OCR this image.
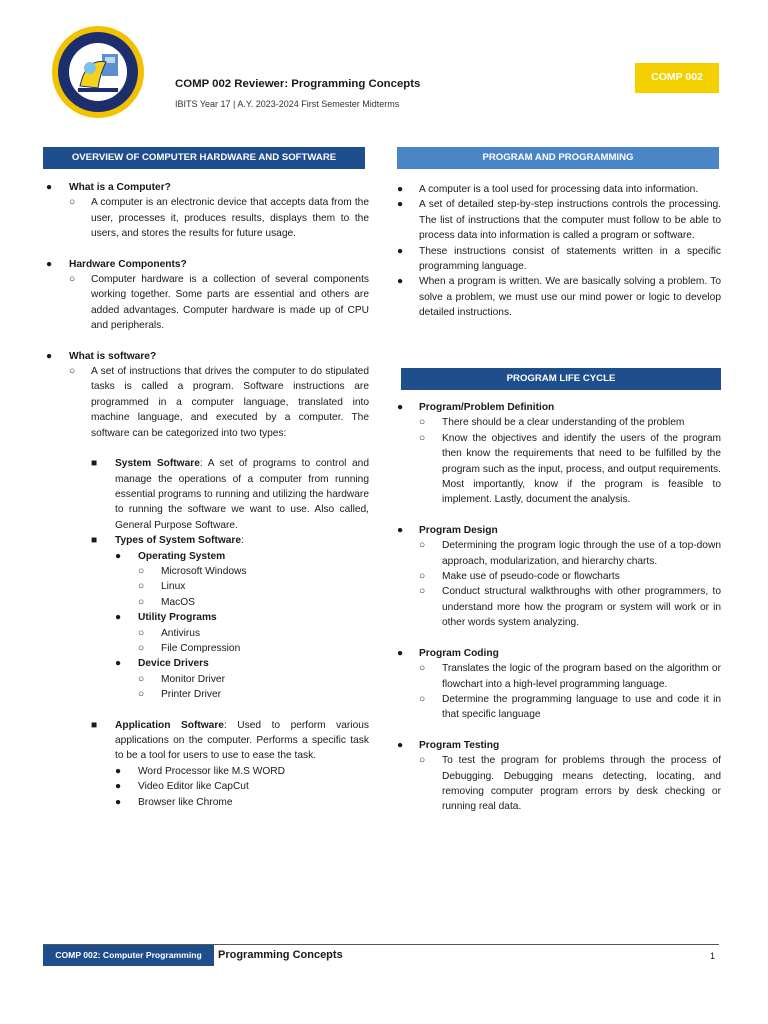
COMP 002 Reviewer: Programming Concepts
IBITS Year 17 | A.Y. 2023-2024 First Semester Midterms
COMP 002
OVERVIEW OF COMPUTER HARDWARE AND SOFTWARE	PROGRAM AND PROGRAMMING
PROGRAM LIFE CYCLE
● What is a Computer?
○ A computer is an electronic device that accepts data from the user, processes it, produces results, displays them to the users, and stores the results for future usage.
● Hardware Components?
○ Computer hardware is a collection of several components working together. Some parts are essential and others are added advantages. Computer hardware is made up of CPU and peripherals.
● What is software?
○ A set of instructions that drives the computer to do stipulated tasks is called a program. Software instructions are programmed in a computer language, translated into machine language, and executed by a computer. The software can be categorized into two types:
■ System Software: A set of programs to control and manage the operations of a computer from running essential programs to running and utilizing the hardware to running the software we want to use. Also called, General Purpose Software.
■ Types of System Software:
● Operating System
○ Microsoft Windows
○ Linux
○ MacOS
● Utility Programs
○ Antivirus
○ File Compression
● Device Drivers
○ Monitor Driver
○ Printer Driver
■ Application Software: Used to perform various applications on the computer. Performs a specific task to be a tool for users to use to ease the task.
● Word Processor like M.S WORD
● Video Editor like CapCut
● Browser like Chrome
● A computer is a tool used for processing data into information.
● A set of detailed step-by-step instructions controls the processing. The list of instructions that the computer must follow to be able to process data into information is called a program or software.
● These instructions consist of statements written in a specific programming language.
● When a program is written. We are basically solving a problem. To solve a problem, we must use our mind power or logic to develop detailed instructions.
● Program/Problem Definition
○ There should be a clear understanding of the problem
○ Know the objectives and identify the users of the program then know the requirements that need to be fulfilled by the program such as the input, process, and output requirements. Most importantly, know if the program is feasible to implement. Lastly, document the analysis.
● Program Design
○ Determining the program logic through the use of a top-down approach, modularization, and hierarchy charts.
○ Make use of pseudo-code or flowcharts
○ Conduct structural walkthroughs with other programmers, to understand more how the program or system will work or in other words system analyzing.
● Program Coding
○ Translates the logic of the program based on the algorithm or flowchart into a high-level programming language.
○ Determine the programming language to use and code it in that specific language
● Program Testing
○ To test the program for problems through the process of Debugging. Debugging means detecting, locating, and removing computer program errors by desk checking or running real data.
COMP 002: Computer Programming	Programming Concepts	1
